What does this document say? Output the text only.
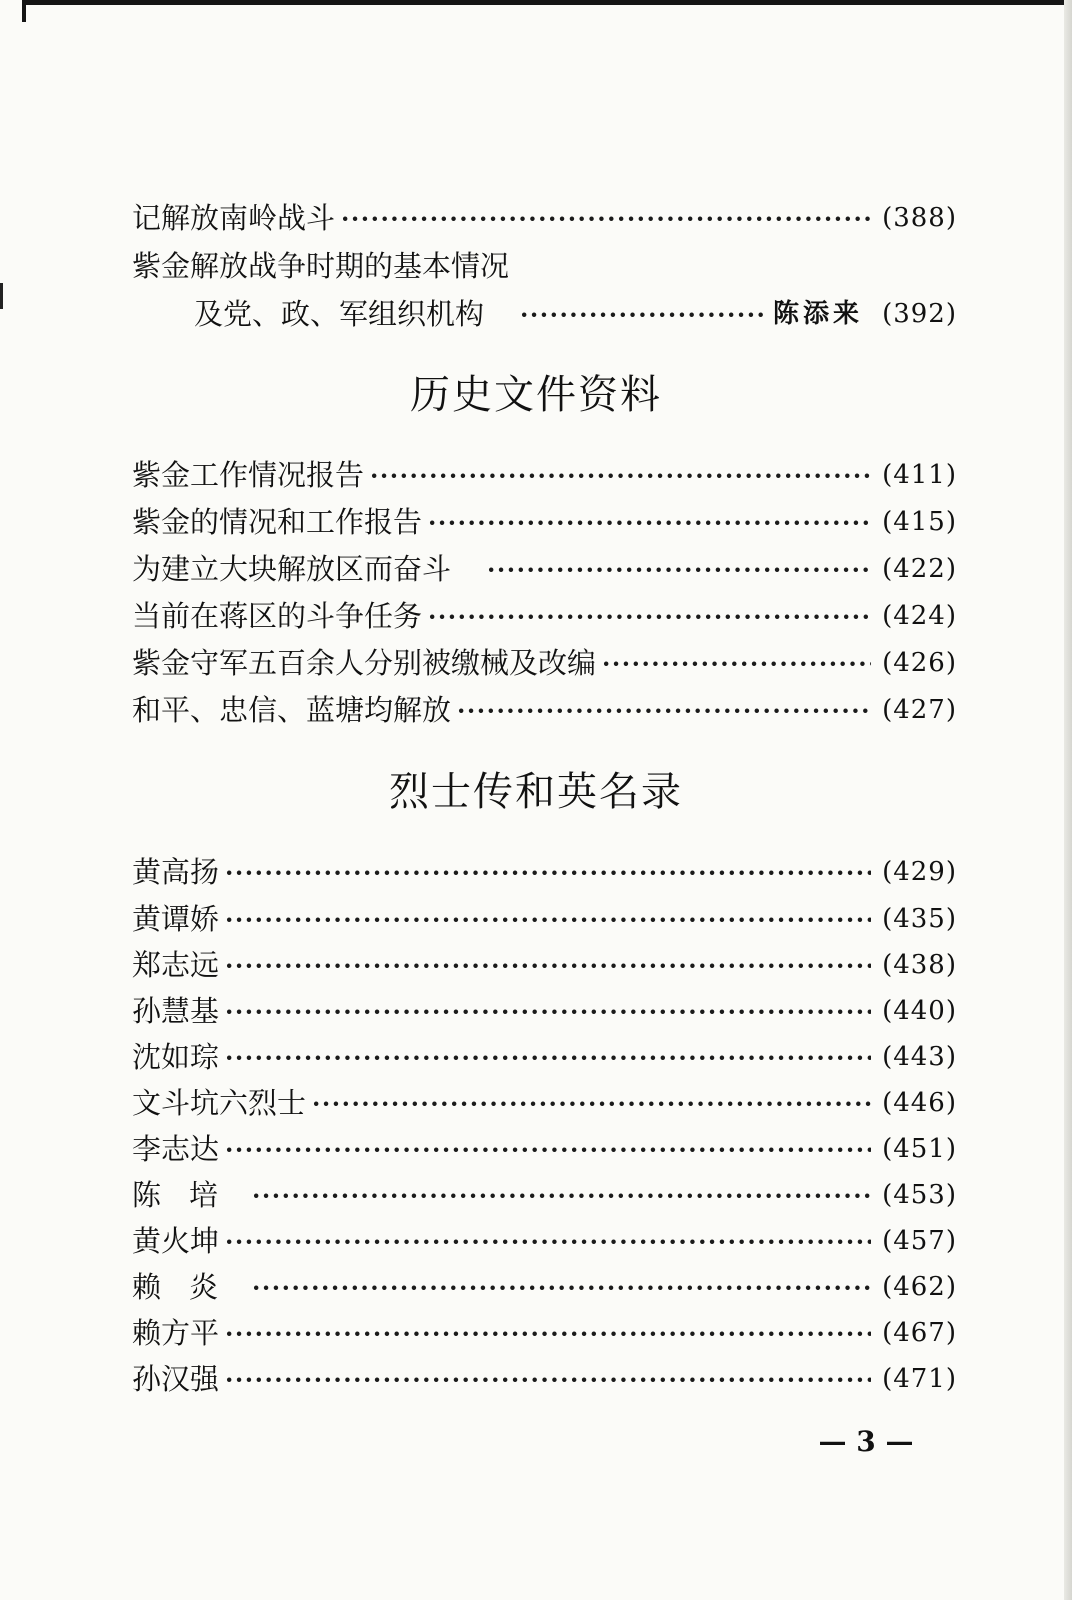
记解放南岭战斗 ·····	(388)
紫金解放战争时期的基本情况
及党、政、军组织机构 ·····	陈添来 (392)
历史文件资料
紫金工作情况报告 ·····	(411)
紫金的情况和工作报告 ·····	(415)
为建立大块解放区而奋斗 ·····	(422)
当前在蒋区的斗争任务 ·····	(424)
紫金守军五百余人分别被缴械及改编 ·····	(426)
和平、忠信、蓝塘均解放 ·····	(427)
烈士传和英名录
黄高扬 ·····	(429)
黄谭娇 ·····	(435)
郑志远 ·····	(438)
孙慧基 ·····	(440)
沈如琮 ·····	(443)
文斗坑六烈士 ·····	(446)
李志达 ·····	(451)
陈培 ·····	(453)
黄火坤 ·····	(457)
赖炎 ·····	(462)
赖方平 ·····	(467)
孙汉强 ·····	(471)
— 3 —
